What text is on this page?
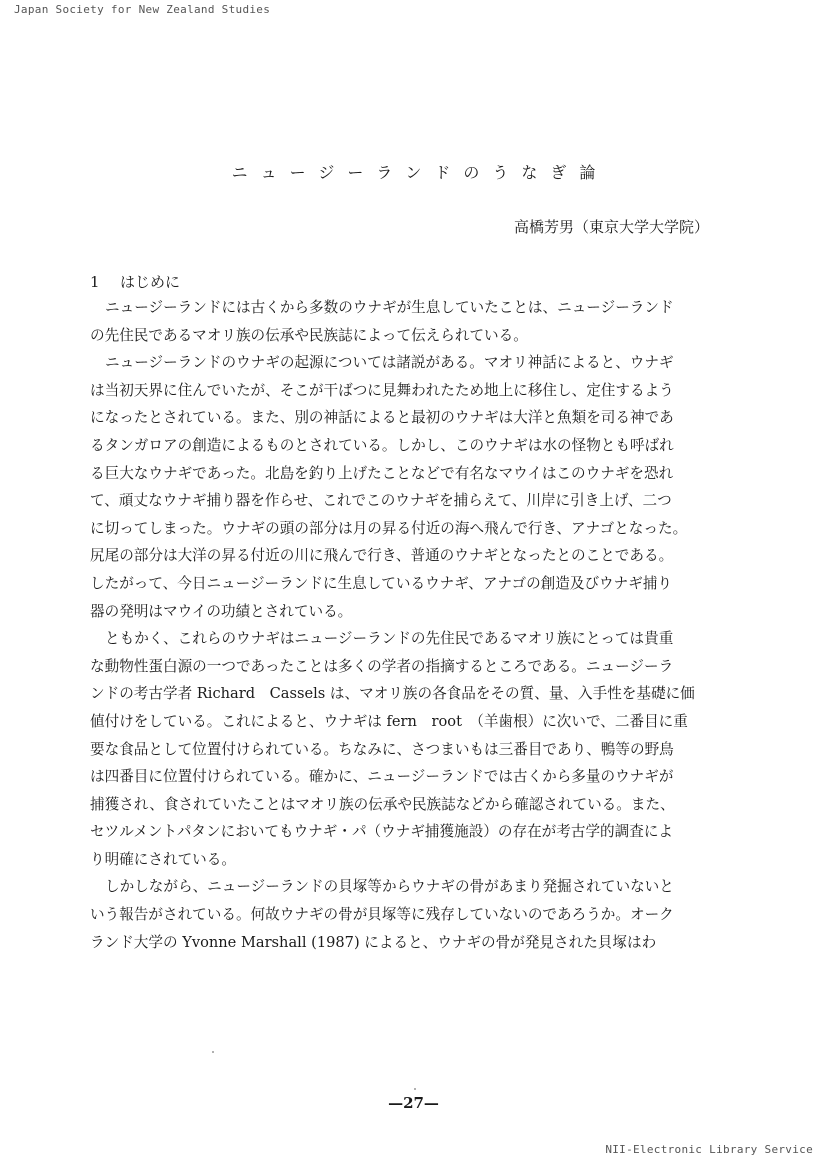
Japan Society for New Zealand Studies
ニュージーランドのうなぎ論
高橋芳男（東京大学大学院）
1 はじめに
ニュージーランドには古くから多数のウナギが生息していたことは、ニュージーランド
の先住民であるマオリ族の伝承や民族誌によって伝えられている。
ニュージーランドのウナギの起源については諸説がある。マオリ神話によると、ウナギ
は当初天界に住んでいたが、そこが干ばつに見舞われたため地上に移住し、定住するよう
になったとされている。また、別の神話によると最初のウナギは大洋と魚類を司る神であ
るタンガロアの創造によるものとされている。しかし、このウナギは水の怪物とも呼ばれ
る巨大なウナギであった。北島を釣り上げたことなどで有名なマウイはこのウナギを恐れ
て、頑丈なウナギ捕り器を作らせ、これでこのウナギを捕らえて、川岸に引き上げ、二つ
に切ってしまった。ウナギの頭の部分は月の昇る付近の海へ飛んで行き、アナゴとなった。
尻尾の部分は大洋の昇る付近の川に飛んで行き、普通のウナギとなったとのことである。
したがって、今日ニュージーランドに生息しているウナギ、アナゴの創造及びウナギ捕り
器の発明はマウイの功績とされている。
ともかく、これらのウナギはニュージーランドの先住民であるマオリ族にとっては貴重
な動物性蛋白源の一つであったことは多くの学者の指摘するところである。ニュージーラ
ンドの考古学者 Richard　Cassels は、マオリ族の各食品をその質、量、入手性を基礎に価
値付けをしている。これによると、ウナギは fern　root　（羊歯根）に次いで、二番目に重
要な食品として位置付けられている。ちなみに、さつまいもは三番目であり、鴨等の野鳥
は四番目に位置付けられている。確かに、ニュージーランドでは古くから多量のウナギが
捕獲され、食されていたことはマオリ族の伝承や民族誌などから確認されている。また、
セツルメントパタンにおいてもウナギ・パ（ウナギ捕獲施設）の存在が考古学的調査によ
り明確にされている。
しかしながら、ニュージーランドの貝塚等からウナギの骨があまり発掘されていないと
いう報告がされている。何故ウナギの骨が貝塚等に残存していないのであろうか。オーク
ランド大学の Yvonne Marshall (1987) によると、ウナギの骨が発見された貝塚はわ
—27—
NII-Electronic Library Service
